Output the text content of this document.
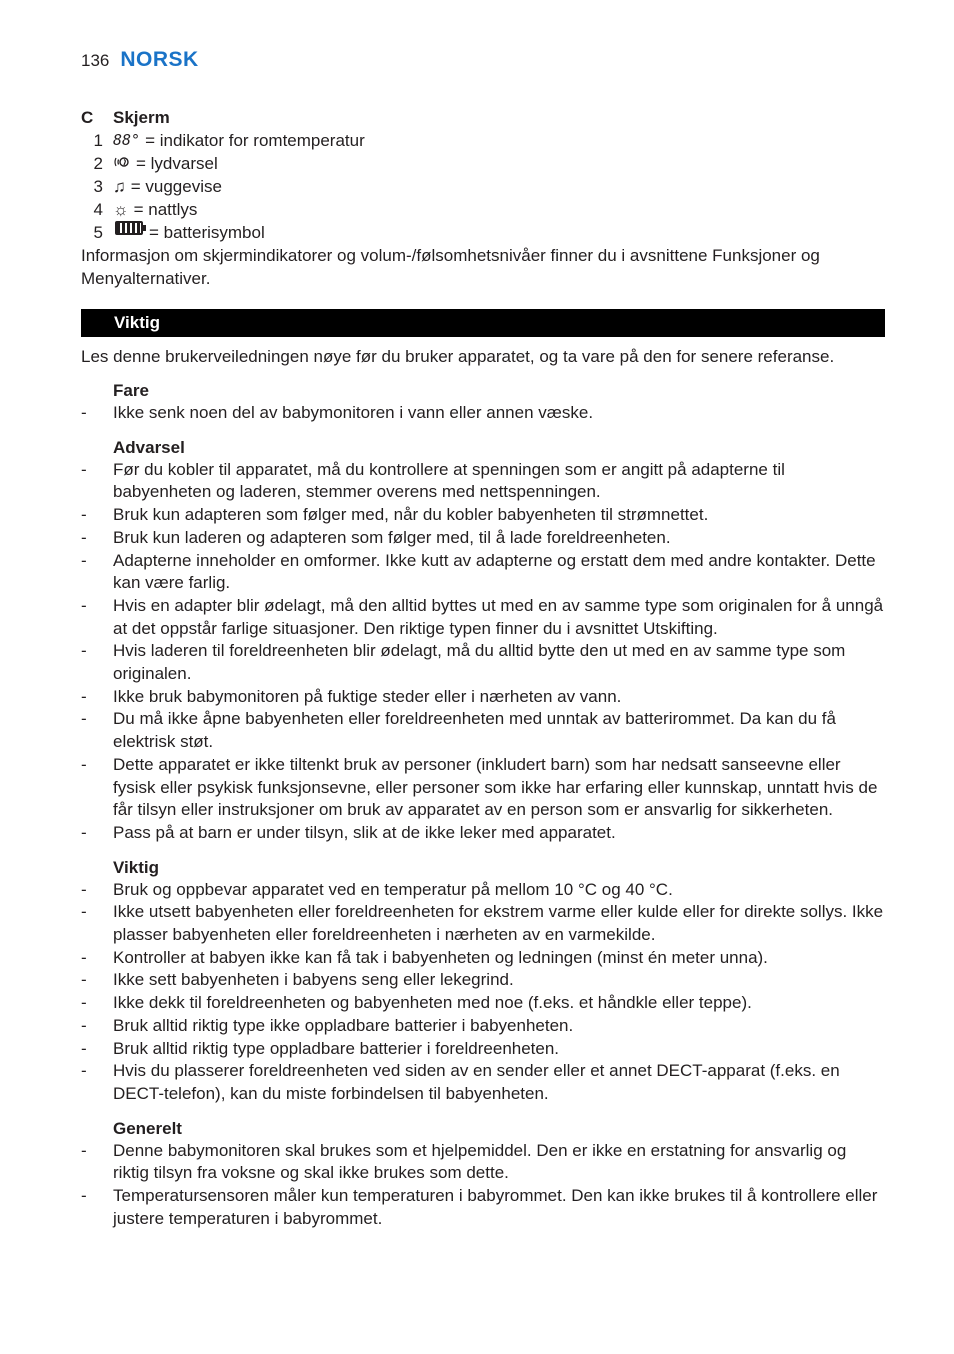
136 NORSK
C	Skjerm
1 88° = indikator for romtemperatur
2 = lydvarsel
3 ♫ = vuggevise
4 ☼ = nattlys
5	= batterisymbol
Informasjon om skjermindikatorer og volum-/følsomhetsnivåer finner du i avsnittene Funksjoner og Menyalternativer.
Viktig
Les denne brukerveiledningen nøye før du bruker apparatet, og ta vare på den for senere referanse.
Fare
-	Ikke senk noen del av babymonitoren i vann eller annen væske.
Advarsel
-	Før du kobler til apparatet, må du kontrollere at spenningen som er angitt på adapterne til babyenheten og laderen, stemmer overens med nettspenningen.
-	Bruk kun adapteren som følger med, når du kobler babyenheten til strømnettet.
-	Bruk kun laderen og adapteren som følger med, til å lade foreldreenheten.
-	Adapterne inneholder en omformer. Ikke kutt av adapterne og erstatt dem med andre kontakter. Dette kan være farlig.
-	Hvis en adapter blir ødelagt, må den alltid byttes ut med en av samme type som originalen for å unngå at det oppstår farlige situasjoner. Den riktige typen finner du i avsnittet Utskifting.
-	Hvis laderen til foreldreenheten blir ødelagt, må du alltid bytte den ut med en av samme type som originalen.
-	Ikke bruk babymonitoren på fuktige steder eller i nærheten av vann.
-	Du må ikke åpne babyenheten eller foreldreenheten med unntak av batterirommet. Da kan du få elektrisk støt.
-	Dette apparatet er ikke tiltenkt bruk av personer (inkludert barn) som har nedsatt sanseevne eller fysisk eller psykisk funksjonsevne, eller personer som ikke har erfaring eller kunnskap, unntatt hvis de får tilsyn eller instruksjoner om bruk av apparatet av en person som er ansvarlig for sikkerheten.
-	Pass på at barn er under tilsyn, slik at de ikke leker med apparatet.
Viktig
-	Bruk og oppbevar apparatet ved en temperatur på mellom 10 °C og 40 °C.
-	Ikke utsett babyenheten eller foreldreenheten for ekstrem varme eller kulde eller for direkte sollys. Ikke plasser babyenheten eller foreldreenheten i nærheten av en varmekilde.
-	Kontroller at babyen ikke kan få tak i babyenheten og ledningen (minst én meter unna).
-	Ikke sett babyenheten i babyens seng eller lekegrind.
-	Ikke dekk til foreldreenheten og babyenheten med noe (f.eks. et håndkle eller teppe).
-	Bruk alltid riktig type ikke oppladbare batterier i babyenheten.
-	Bruk alltid riktig type oppladbare batterier i foreldreenheten.
-	Hvis du plasserer foreldreenheten ved siden av en sender eller et annet DECT-apparat (f.eks. en DECT-telefon), kan du miste forbindelsen til babyenheten.
Generelt
-	Denne babymonitoren skal brukes som et hjelpemiddel. Den er ikke en erstatning for ansvarlig og riktig tilsyn fra voksne og skal ikke brukes som dette.
-	Temperatursensoren måler kun temperaturen i babyrommet. Den kan ikke brukes til å kontrollere eller justere temperaturen i babyrommet.
